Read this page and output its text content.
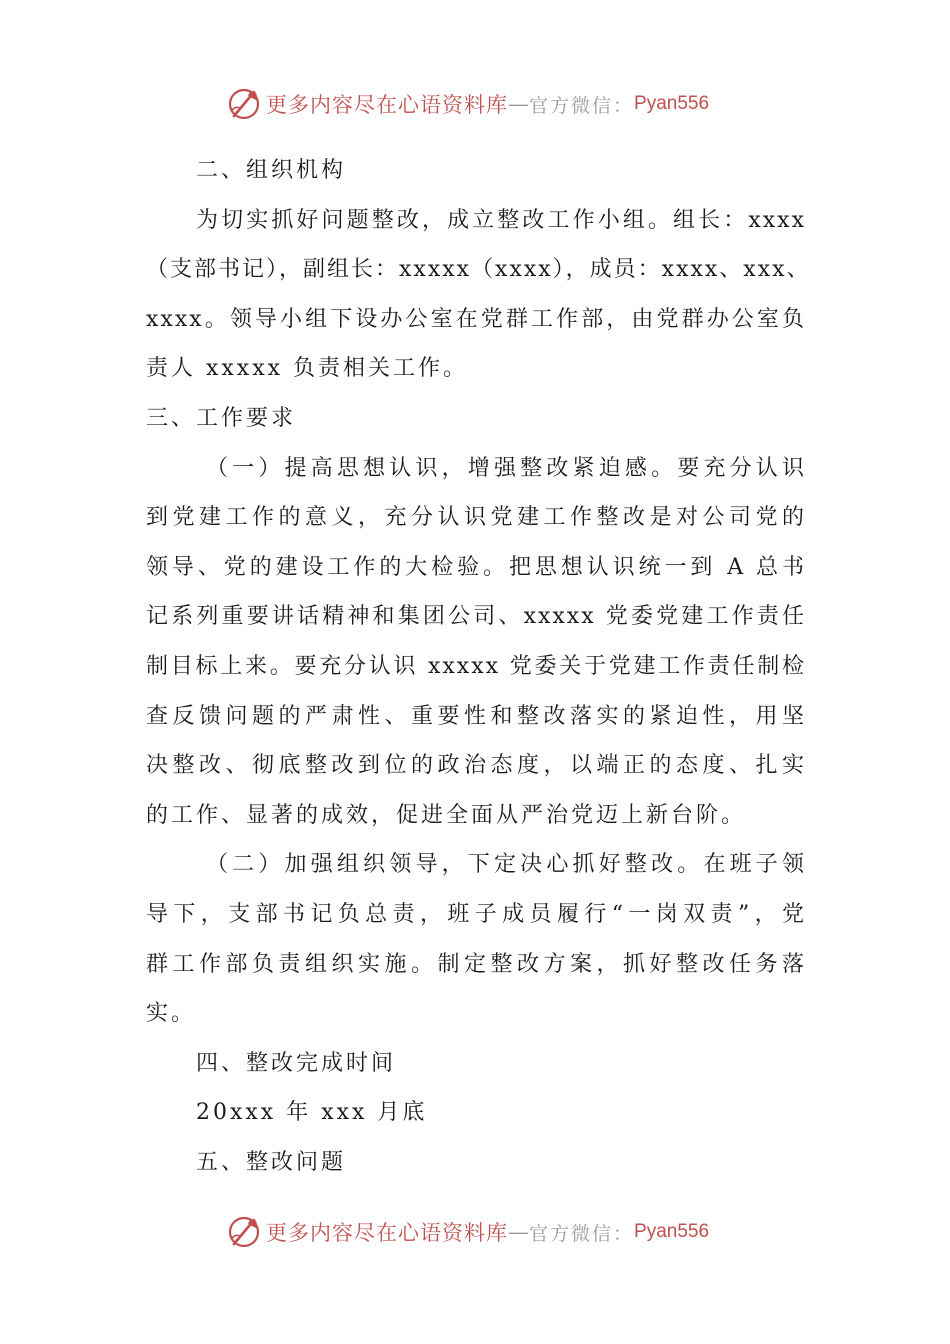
更多内容尽在心语资料库 — 官方微信： Pyan556
二、组织机构
为切实抓好问题整改，成立整改工作小组。组长：xxxx
（支部书记），副组长：xxxxx（xxxx），成员：xxxx、xxx、
xxxx。领导小组下设办公室在党群工作部，由党群办公室负
责人 xxxxx 负责相关工作。
三、工作要求
（一）提高思想认识，增强整改紧迫感。要充分认识
到党建工作的意义，充分认识党建工作整改是对公司党的
领导、党的建设工作的大检验。把思想认识统一到 A 总书
记系列重要讲话精神和集团公司、xxxxx 党委党建工作责任
制目标上来。要充分认识 xxxxx 党委关于党建工作责任制检
查反馈问题的严肃性、重要性和整改落实的紧迫性，用坚
决整改、彻底整改到位的政治态度，以端正的态度、扎实
的工作、显著的成效，促进全面从严治党迈上新台阶。
（二）加强组织领导，下定决心抓好整改。在班子领
导下，支部书记负总责，班子成员履行“一岗双责”，党
群工作部负责组织实施。制定整改方案，抓好整改任务落
实。
四、整改完成时间
20xxx 年 xxx 月底
五、整改问题
更多内容尽在心语资料库 — 官方微信： Pyan556
